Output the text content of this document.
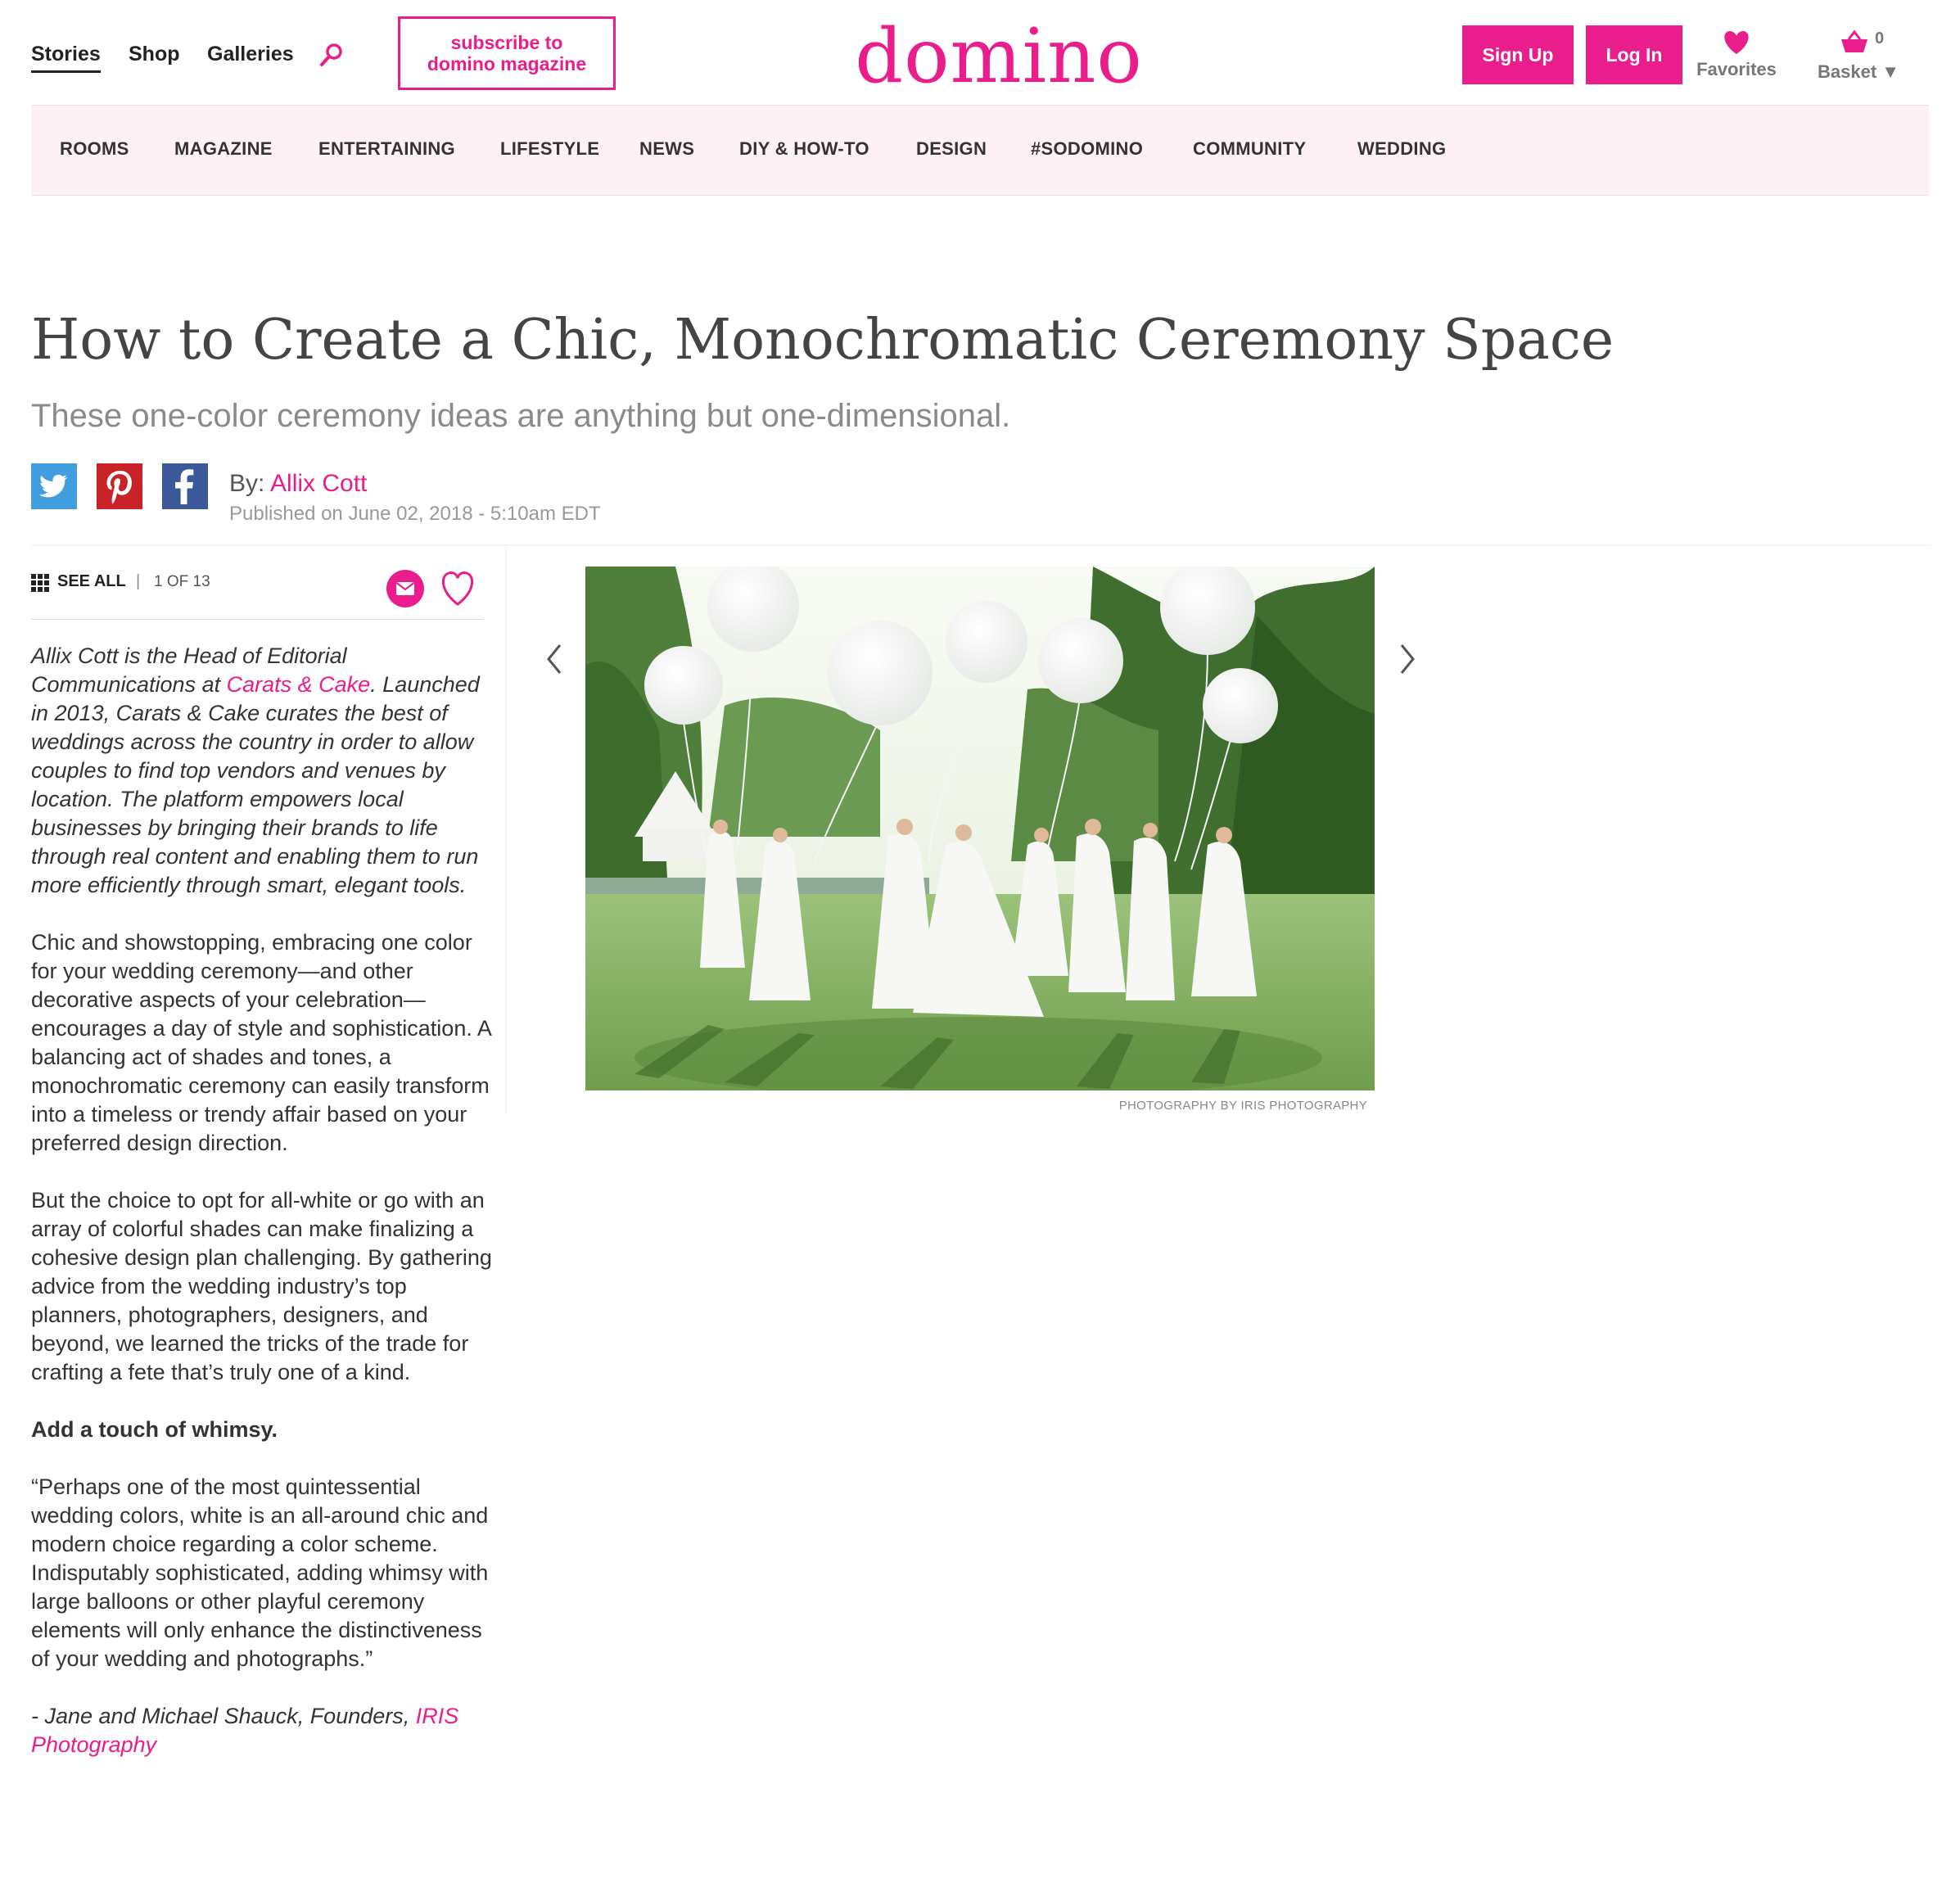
Stories Shop Galleries	subscribe to
domino magazine	domino	Sign Up	Log In
Favorites
0
Basket ▼
ROOMS	MAGAZINE	ENTERTAINING	LIFESTYLE NEWS DIY & HOW-TO	DESIGN #SODOMINO	COMMUNITY	WEDDING
How to Create a Chic, Monochromatic Ceremony Space
These one-color ceremony ideas are anything but one-dimensional.
By: Allix Cott
Published on June 02, 2018 - 5:10am EDT
SEE ALL | 1 OF 13

Allix Cott is the Head of Editorial Communications at Carats & Cake. Launched in 2013, Carats & Cake curates the best of weddings across the country in order to allow couples to find top vendors and venues by location. The platform empowers local businesses by bringing their brands to life through real content and enabling them to run more efficiently through smart, elegant tools.

Chic and showstopping, embracing one color for your wedding ceremony—and other decorative aspects of your celebration—encourages a day of style and sophistication. A balancing act of shades and tones, a monochromatic ceremony can easily transform into a timeless or trendy affair based on your preferred design direction.

But the choice to opt for all-white or go with an array of colorful shades can make finalizing a cohesive design plan challenging. By gathering advice from the wedding industry’s top planners, photographers, designers, and beyond, we learned the tricks of the trade for crafting a fete that’s truly one of a kind.

Add a touch of whimsy.

“Perhaps one of the most quintessential wedding colors, white is an all-around chic and modern choice regarding a color scheme. Indisputably sophisticated, adding whimsy with large balloons or other playful ceremony elements will only enhance the distinctiveness of your wedding and photographs.”

- Jane and Michael Shauck, Founders, IRIS Photography

PHOTOGRAPHY BY IRIS PHOTOGRAPHY
